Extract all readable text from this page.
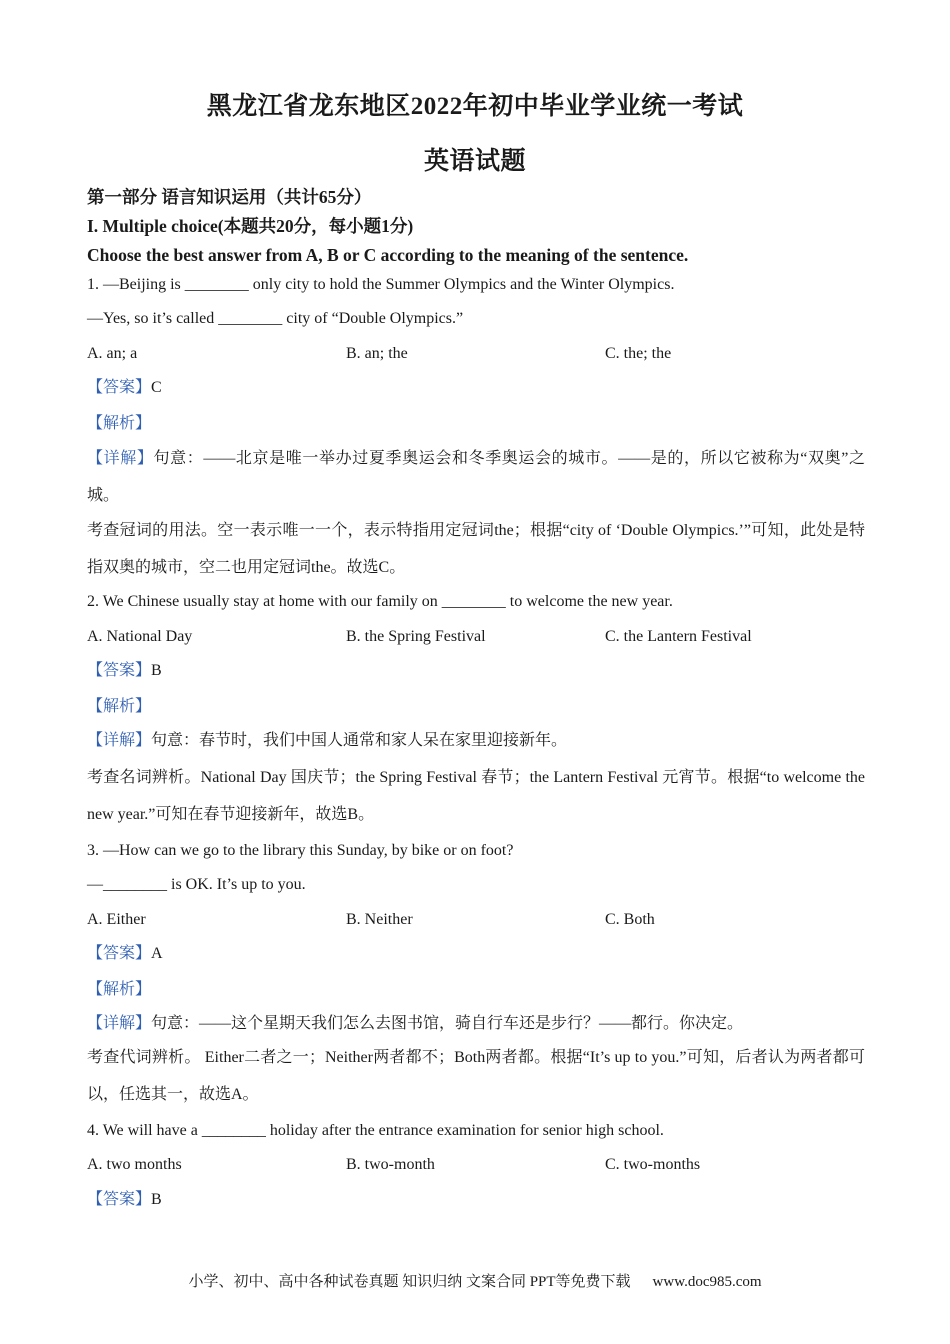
黑龙江省龙东地区2022年初中毕业学业统一考试
英语试题
第一部分 语言知识运用（共计65分）
I. Multiple choice(本题共20分，每小题1分)
Choose the best answer from A, B or C according to the meaning of the sentence.
1. —Beijing is ________ only city to hold the Summer Olympics and the Winter Olympics.
—Yes, so it’s called ________ city of “Double Olympics.”
A. an; a	B. an; the	C. the; the
【答案】C
【解析】
【详解】句意：——北京是唯一举办过夏季奥运会和冬季奥运会的城市。——是的，所以它被称为“双奥”之城。
考查冠词的用法。空一表示唯一一个，表示特指用定冠词the；根据“city of ‘Double Olympics.’”可知，此处是特指双奥的城市，空二也用定冠词the。故选C。
2. We Chinese usually stay at home with our family on ________ to welcome the new year.
A. National Day	B. the Spring Festival	C. the Lantern Festival
【答案】B
【解析】
【详解】句意：春节时，我们中国人通常和家人呆在家里迎接新年。
考查名词辨析。National Day 国庆节；the Spring Festival 春节；the Lantern Festival 元宵节。根据“to welcome the new year.”可知在春节迎接新年，故选B。
3. —How can we go to the library this Sunday, by bike or on foot?
—________ is OK. It’s up to you.
A. Either	B. Neither	C. Both
【答案】A
【解析】
【详解】句意：——这个星期天我们怎么去图书馆，骑自行车还是步行？——都行。你决定。
考查代词辨析。 Either二者之一；Neither两者都不；Both两者都。根据“It’s up to you.”可知，后者认为两者都可以，任选其一，故选A。
4. We will have a ________ holiday after the entrance examination for senior high school.
A. two months	B. two-month	C. two-months
【答案】B
小学、初中、高中各种试卷真题 知识归纳 文案合同 PPT等免费下载 www.doc985.com
